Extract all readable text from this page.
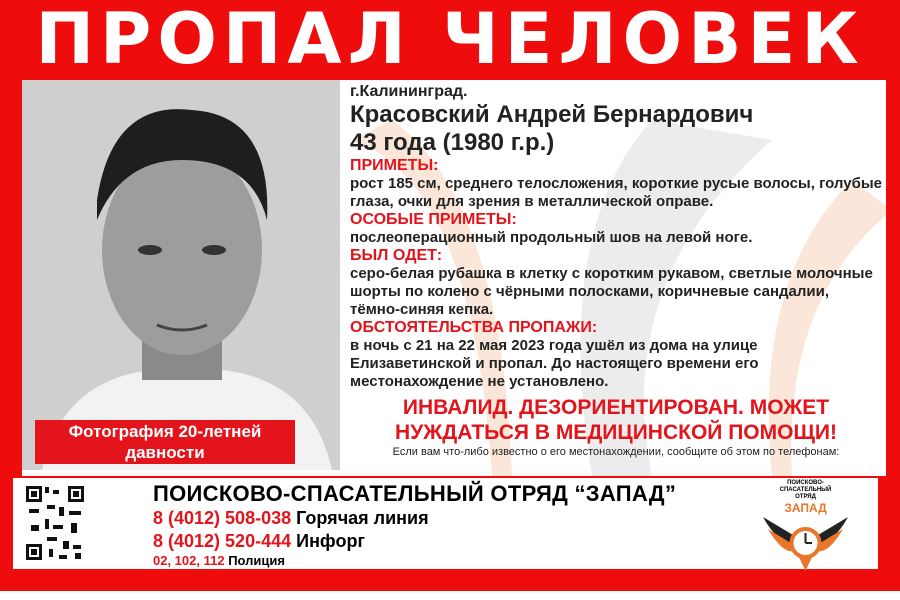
ПРОПАЛ ЧЕЛОВЕК
Фотография 20-летней давности
г.Калининград.
Красовский Андрей Бернардович
43 года (1980 г.р.)
ПРИМЕТЫ:
рост 185 см, среднего телосложения, короткие русые волосы, голубые глаза, очки для зрения в металлической оправе.
ОСОБЫЕ ПРИМЕТЫ:
послеоперационный продольный шов на левой ноге.
БЫЛ ОДЕТ:
серо-белая рубашка в клетку с коротким рукавом, светлые молочные шорты по колено с чёрными полосками, коричневые сандалии, тёмно-синяя кепка.
ОБСТОЯТЕЛЬСТВА ПРОПАЖИ:
в ночь с 21 на 22 мая 2023 года ушёл из дома на улице Елизаветинской и пропал. До настоящего времени его местонахождение не установлено.
ИНВАЛИД. ДЕЗОРИЕНТИРОВАН. МОЖЕТ НУЖДАТЬСЯ В МЕДИЦИНСКОЙ ПОМОЩИ!
Если вам что-либо известно о его местонахождении, сообщите об этом по телефонам:
ПОИСКОВО-СПАСАТЕЛЬНЫЙ ОТРЯД “ЗАПАД”
8 (4012) 508-038 Горячая линия
8 (4012) 520-444 Инфорг
02, 102, 112 Полиция
ПОИСКОВО-СПАСАТЕЛЬНЫЙ ОТРЯД
ЗАПАД
